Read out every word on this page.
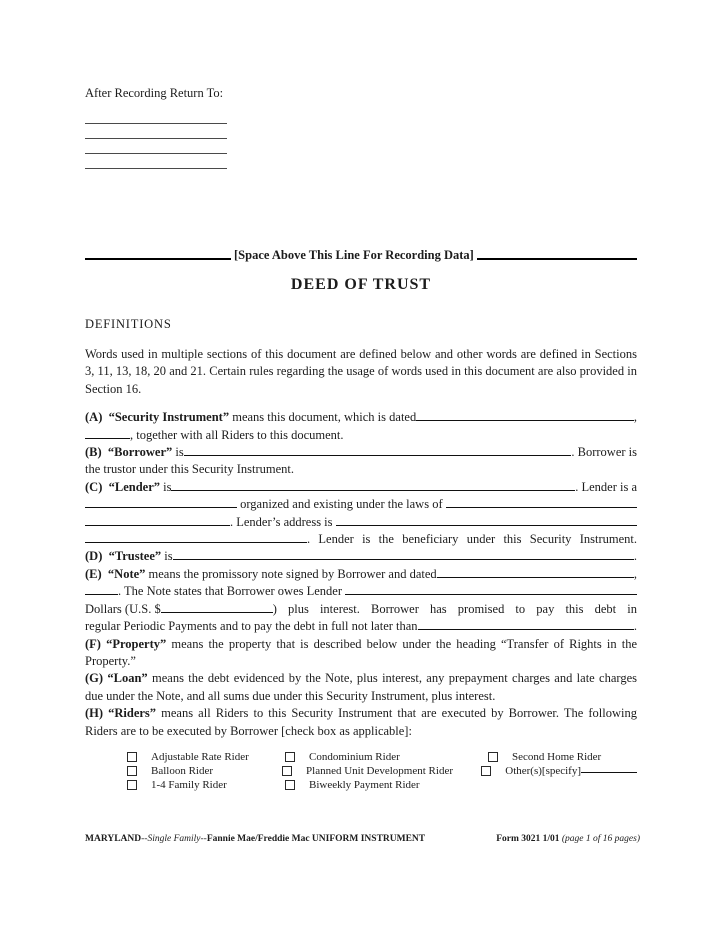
After Recording Return To:
[Space Above This Line For Recording Data]
DEED OF TRUST
DEFINITIONS
Words used in multiple sections of this document are defined below and other words are defined in Sections 3, 11, 13, 18, 20 and 21. Certain rules regarding the usage of words used in this document are also provided in Section 16.
(A)  “Security Instrument” means this document, which is dated	,
, together with all Riders to this document.
(B)  “Borrower” is	. Borrower is
the trustor under this Security Instrument.
(C)  “Lender” is	. Lender is a
organized and existing under the laws of
. Lender’s address is
. Lender is the beneficiary under this Security Instrument.
(D)  “Trustee” is	.
(E)  “Note” means the promissory note signed by Borrower and dated	,
. The Note states that Borrower owes Lender
Dollars (U.S. $	) plus interest. Borrower has promised to pay this debt in
regular Periodic Payments and to pay the debt in full not later than	.
(F) “Property” means the property that is described below under the heading “Transfer of Rights in the Property.”
(G) “Loan” means the debt evidenced by the Note, plus interest, any prepayment charges and late charges due under the Note, and all sums due under this Security Instrument, plus interest.
(H) “Riders” means all Riders to this Security Instrument that are executed by Borrower. The following Riders are to be executed by Borrower [check box as applicable]:
Adjustable Rate Rider	Condominium Rider	Second Home Rider
Balloon Rider	Planned Unit Development Rider	Other(s)[specify]
1-4 Family Rider	Biweekly Payment Rider
MARYLAND--Single Family--Fannie Mae/Freddie Mac UNIFORM INSTRUMENT	Form 3021 1/01 (page 1 of 16 pages)
